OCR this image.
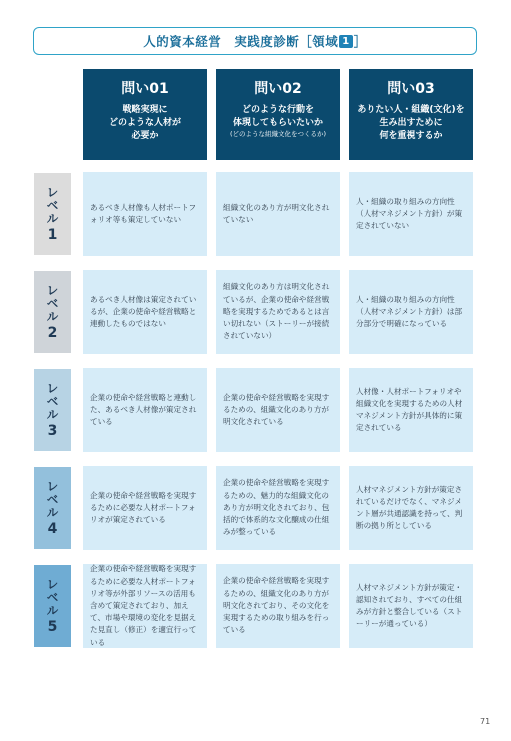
人的資本経営　実践度診断［領域 1 ］
問い01
戦略実現に
どのような人材が
必要か
問い02
どのような行動を
体現してもらいたいか
(どのような組織文化をつくるか)
問い03
ありたい人・組織(文化)を
生み出すために
何を重視するか
レベル
1
あるべき人材像も人材ポートフォリオ等も策定していない
組織文化のあり方が明文化されていない
人・組織の取り組みの方向性（人材マネジメント方針）が策定されていない
レベル
2
あるべき人材像は策定されているが、企業の使命や経営戦略と連動したものではない
組織文化のあり方は明文化されているが、企業の使命や経営戦略を実現するためであるとは言い切れない（ストーリーが接続されていない）
人・組織の取り組みの方向性（人材マネジメント方針）は部分部分で明確になっている
レベル
3
企業の使命や経営戦略と連動した、あるべき人材像が策定されている
企業の使命や経営戦略を実現するための、組織文化のあり方が明文化されている
人材像・人材ポートフォリオや組織文化を実現するための人材マネジメント方針が具体的に策定されている
レベル
4
企業の使命や経営戦略を実現するために必要な人材ポートフォリオが策定されている
企業の使命や経営戦略を実現するための、魅力的な組織文化のあり方が明文化されており、包括的で体系的な文化醸成の仕組みが整っている
人材マネジメント方針が策定されているだけでなく、マネジメント層が共通認識を持って、判断の拠り所としている
レベル
5
企業の使命や経営戦略を実現するために必要な人材ポートフォリオ等が外部リソースの活用も含めて策定されており、加えて、市場や環境の変化を見据えた見直し（修正）を適宜行っている
企業の使命や経営戦略を実現するための、組織文化のあり方が明文化されており、その文化を実現するための取り組みを行っている
人材マネジメント方針が策定・認知されており、すべての仕組みが方針と整合している（ストーリーが通っている）
71
